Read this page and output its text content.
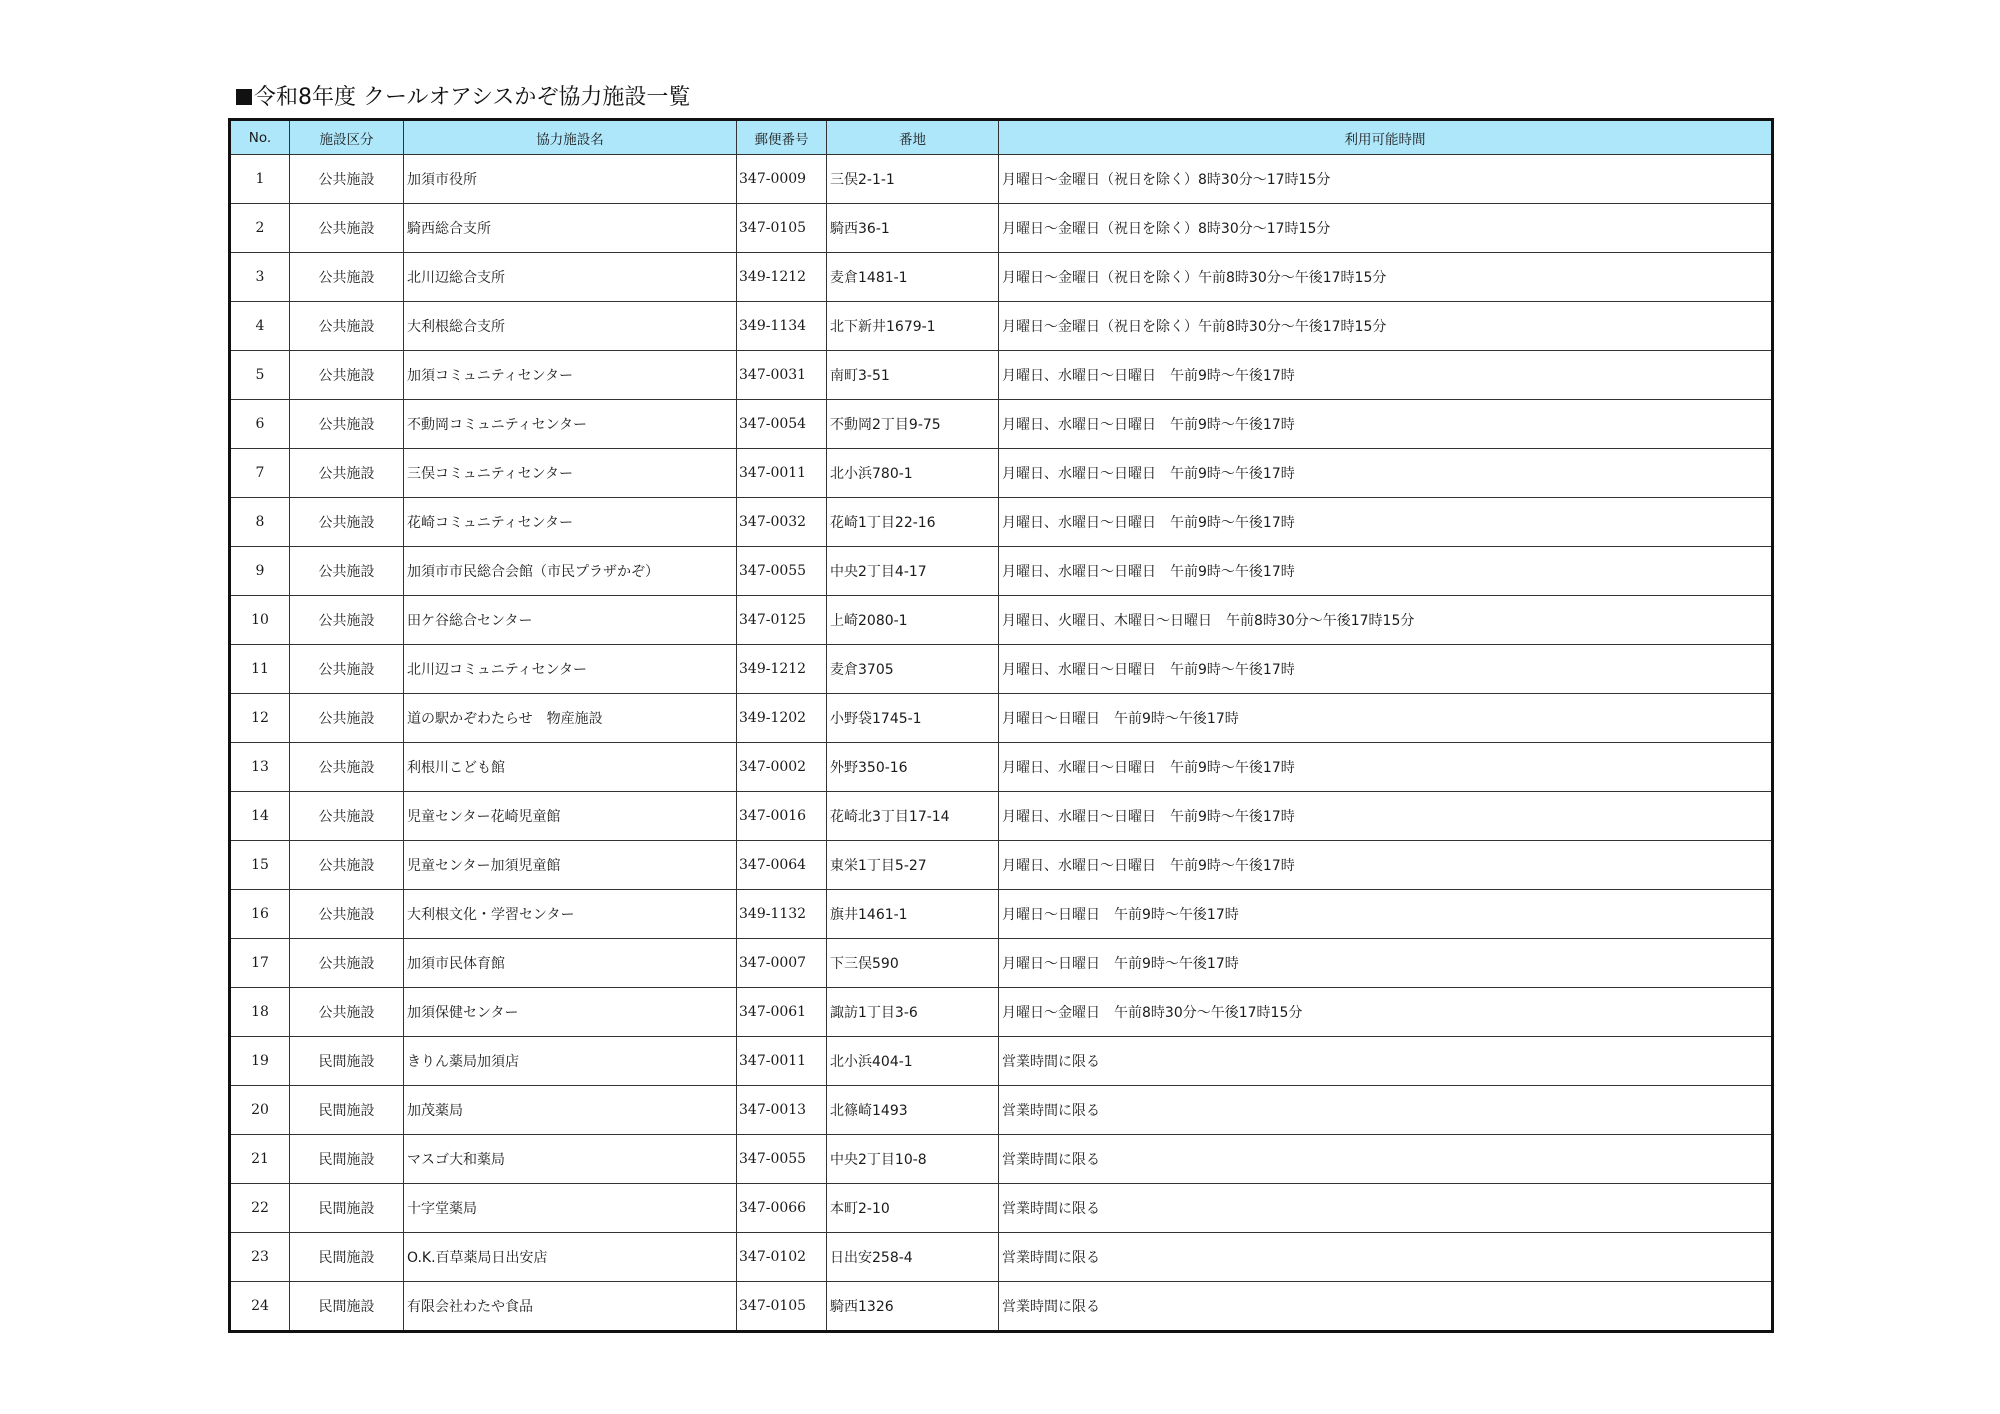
令和8年度 クールオアシスかぞ協力施設一覧
No.	施設区分	協力施設名	郵便番号	番地	利用可能時間
1	公共施設	加須市役所	347-0009	三俣2-1-1	月曜日～金曜日（祝日を除く）8時30分～17時15分
2	公共施設	騎西総合支所	347-0105	騎西36-1	月曜日～金曜日（祝日を除く）8時30分～17時15分
3	公共施設	北川辺総合支所	349-1212	麦倉1481-1	月曜日～金曜日（祝日を除く）午前8時30分～午後17時15分
4	公共施設	大利根総合支所	349-1134	北下新井1679-1	月曜日～金曜日（祝日を除く）午前8時30分～午後17時15分
5	公共施設	加須コミュニティセンター	347-0031	南町3-51	月曜日、水曜日～日曜日　午前9時～午後17時
6	公共施設	不動岡コミュニティセンター	347-0054	不動岡2丁目9-75	月曜日、水曜日～日曜日　午前9時～午後17時
7	公共施設	三俣コミュニティセンター	347-0011	北小浜780-1	月曜日、水曜日～日曜日　午前9時～午後17時
8	公共施設	花崎コミュニティセンター	347-0032	花崎1丁目22-16	月曜日、水曜日～日曜日　午前9時～午後17時
9	公共施設	加須市市民総合会館（市民プラザかぞ）	347-0055	中央2丁目4-17	月曜日、水曜日～日曜日　午前9時～午後17時
10	公共施設	田ケ谷総合センター	347-0125	上崎2080-1	月曜日、火曜日、木曜日～日曜日　午前8時30分～午後17時15分
11	公共施設	北川辺コミュニティセンター	349-1212	麦倉3705	月曜日、水曜日～日曜日　午前9時～午後17時
12	公共施設	道の駅かぞわたらせ　物産施設	349-1202	小野袋1745-1	月曜日～日曜日　午前9時～午後17時
13	公共施設	利根川こども館	347-0002	外野350-16	月曜日、水曜日～日曜日　午前9時～午後17時
14	公共施設	児童センター花崎児童館	347-0016	花崎北3丁目17-14	月曜日、水曜日～日曜日　午前9時～午後17時
15	公共施設	児童センター加須児童館	347-0064	東栄1丁目5-27	月曜日、水曜日～日曜日　午前9時～午後17時
16	公共施設	大利根文化・学習センター	349-1132	旗井1461-1	月曜日～日曜日　午前9時～午後17時
17	公共施設	加須市民体育館	347-0007	下三俣590	月曜日～日曜日　午前9時～午後17時
18	公共施設	加須保健センター	347-0061	諏訪1丁目3-6	月曜日～金曜日　午前8時30分～午後17時15分
19	民間施設	きりん薬局加須店	347-0011	北小浜404-1	営業時間に限る
20	民間施設	加茂薬局	347-0013	北篠崎1493	営業時間に限る
21	民間施設	マスゴ大和薬局	347-0055	中央2丁目10-8	営業時間に限る
22	民間施設	十字堂薬局	347-0066	本町2-10	営業時間に限る
23	民間施設	O.K.百草薬局日出安店	347-0102	日出安258-4	営業時間に限る
24	民間施設	有限会社わたや食品	347-0105	騎西1326	営業時間に限る
